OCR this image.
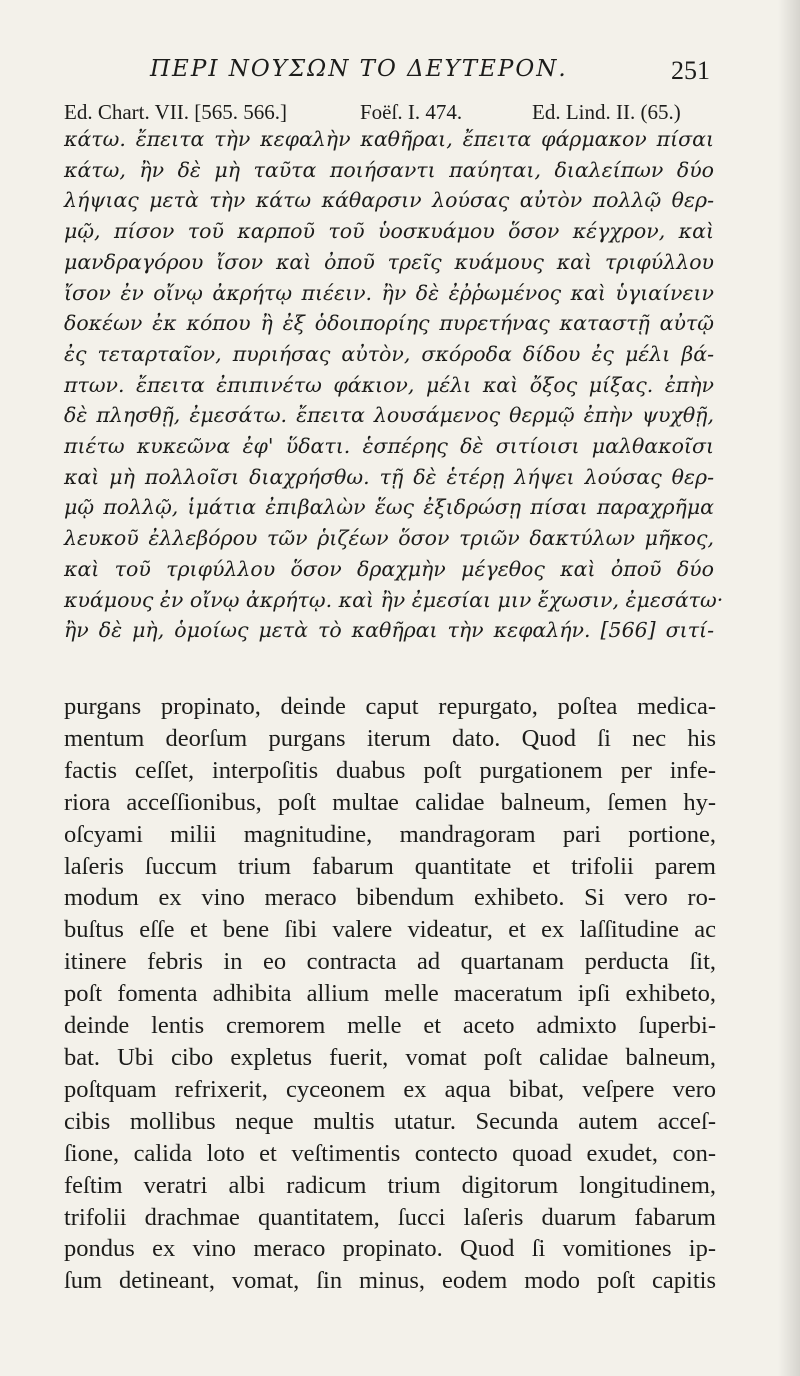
ΠΕΡΙ ΝΟΥΣΩΝ ΤΟ ΔΕΥΤΕΡΟΝ.	251
Ed. Chart. VII. [565. 566.]	Foëſ. I. 474.	Ed. Lind. II. (65.)
κάτω. ἔπειτα τὴν κεφαλὴν καθῆραι, ἔπειτα φάρμακον πίσαι
κάτω, ἢν δὲ μὴ ταῦτα ποιήσαντι παύηται, διαλείπων δύο
λήψιας μετὰ τὴν κάτω κάθαρσιν λούσας αὐτὸν πολλῷ θερ-
μῷ, πίσον τοῦ καρποῦ τοῦ ὑοσκυάμου ὅσον κέγχρον, καὶ
μανδραγόρου ἴσον καὶ ὀποῦ τρεῖς κυάμους καὶ τριφύλλου
ἴσον ἐν οἴνῳ ἀκρήτῳ πιέειν. ἢν δὲ ἐῤῥωμένος καὶ ὑγιαίνειν
δοκέων ἐκ κόπου ἢ ἐξ ὁδοιπορίης πυρετήνας καταστῇ αὐτῷ
ἐς τεταρταῖον, πυριήσας αὐτὸν, σκόροδα δίδου ἐς μέλι βά-
πτων. ἔπειτα ἐπιπινέτω φάκιον, μέλι καὶ ὄξος μίξας. ἐπὴν
δὲ πλησθῇ, ἐμεσάτω. ἔπειτα λουσάμενος θερμῷ ἐπὴν ψυχθῇ,
πιέτω κυκεῶνα ἐφ' ὕδατι. ἑσπέρης δὲ σιτίοισι μαλθακοῖσι
καὶ μὴ πολλοῖσι διαχρήσθω. τῇ δὲ ἑτέρῃ λήψει λούσας θερ-
μῷ πολλῷ, ἱμάτια ἐπιβαλὼν ἕως ἐξιδρώσῃ πίσαι παραχρῆμα
λευκοῦ ἐλλεβόρου τῶν ῥιζέων ὅσον τριῶν δακτύλων μῆκος,
καὶ τοῦ τριφύλλου ὅσον δραχμὴν μέγεθος καὶ ὀποῦ δύο
κυάμους ἐν οἴνῳ ἀκρήτῳ. καὶ ἢν ἐμεσίαι μιν ἔχωσιν, ἐμεσάτω·
ἢν δὲ μὴ, ὁμοίως μετὰ τὸ καθῆραι τὴν κεφαλήν. [566] σιτί-
purgans propinato, deinde caput repurgato, poſtea medica-
mentum deorſum purgans iterum dato. Quod ſi nec his
factis ceſſet, interpoſitis duabus poſt purgationem per infe-
riora acceſſionibus, poſt multae calidae balneum, ſemen hy-
oſcyami milii magnitudine, mandragoram pari portione,
laſeris ſuccum trium fabarum quantitate et trifolii parem
modum ex vino meraco bibendum exhibeto. Si vero ro-
buſtus eſſe et bene ſibi valere videatur, et ex laſſitudine ac
itinere febris in eo contracta ad quartanam perducta ſit,
poſt fomenta adhibita allium melle maceratum ipſi exhibeto,
deinde lentis cremorem melle et aceto admixto ſuperbi-
bat. Ubi cibo expletus fuerit, vomat poſt calidae balneum,
poſtquam refrixerit, cyceonem ex aqua bibat, veſpere vero
cibis mollibus neque multis utatur. Secunda autem acceſ-
ſione, calida loto et veſtimentis contecto quoad exudet, con-
feſtim veratri albi radicum trium digitorum longitudinem,
trifolii drachmae quantitatem, ſucci laſeris duarum fabarum
pondus ex vino meraco propinato. Quod ſi vomitiones ip-
ſum detineant, vomat, ſin minus, eodem modo poſt capitis
